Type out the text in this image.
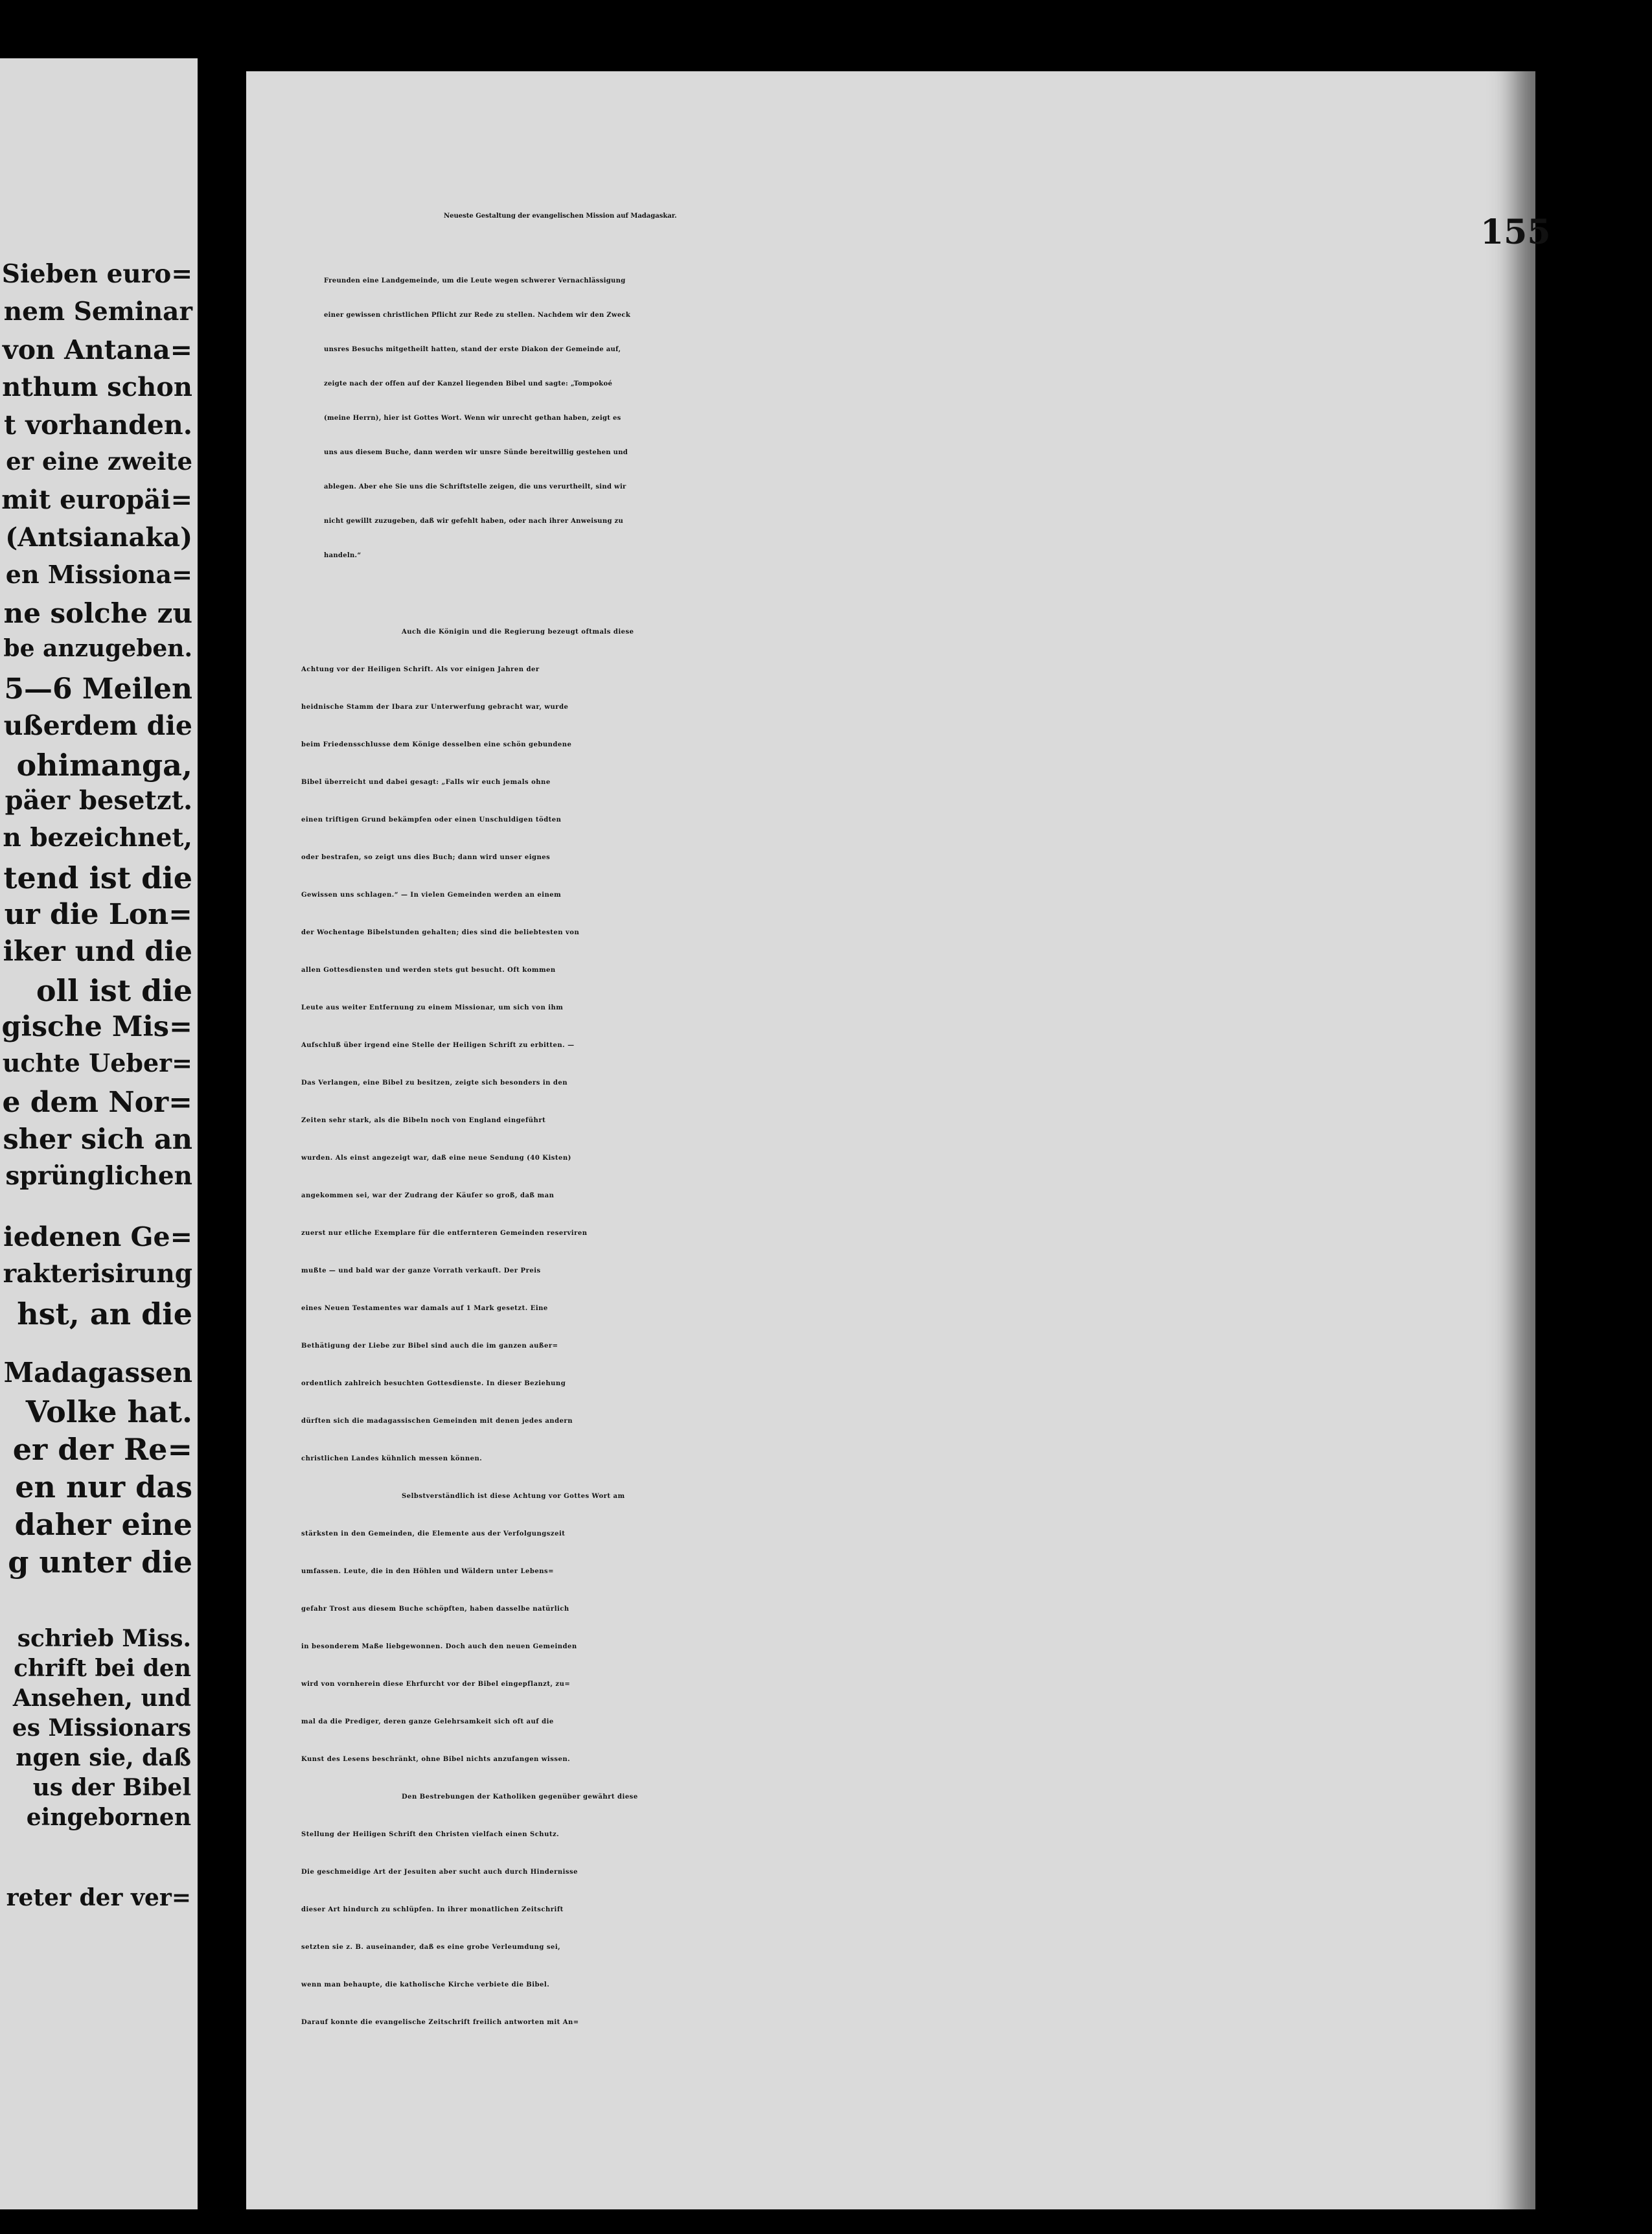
Sieben euro=
nem Seminar
von Antana=
nthum schon
t vorhanden.
er eine zweite
mit europäi=
(Antsianaka)
en Missiona=
ne solche zu
be anzugeben.
5—6 Meilen
ußerdem die
ohimanga,
päer besetzt.
n bezeichnet,
tend ist die
ur die Lon=
iker und die
oll ist die
gische Mis=
uchte Ueber=
e dem Nor=
sher sich an
sprünglichen
iedenen Ge=
rakterisirung
hst, an die
Madagassen
Volke hat.
er der Re=
en nur das
daher eine
g unter die
schrieb Miss.
chrift bei den
Ansehen, und
es Missionars
ngen sie, daß
us der Bibel
eingebornen
reter der ver=
Neueste Gestaltung der evangelischen Mission auf Madagaskar.	155
Freunden eine Landgemeinde, um die Leute wegen schwerer Vernachlässigung
einer gewissen christlichen Pflicht zur Rede zu stellen. Nachdem wir den Zweck
unsres Besuchs mitgetheilt hatten, stand der erste Diakon der Gemeinde auf,
zeigte nach der offen auf der Kanzel liegenden Bibel und sagte: „Tompokoé
(meine Herrn), hier ist Gottes Wort. Wenn wir unrecht gethan haben, zeigt es
uns aus diesem Buche, dann werden wir unsre Sünde bereitwillig gestehen und
ablegen. Aber ehe Sie uns die Schriftstelle zeigen, die uns verurtheilt, sind wir
nicht gewillt zuzugeben, daß wir gefehlt haben, oder nach ihrer Anweisung zu
handeln.“
Auch die Königin und die Regierung bezeugt oftmals diese
Achtung vor der Heiligen Schrift. Als vor einigen Jahren der
heidnische Stamm der Ibara zur Unterwerfung gebracht war, wurde
beim Friedensschlusse dem Könige desselben eine schön gebundene
Bibel überreicht und dabei gesagt: „Falls wir euch jemals ohne
einen triftigen Grund bekämpfen oder einen Unschuldigen tödten
oder bestrafen, so zeigt uns dies Buch; dann wird unser eignes
Gewissen uns schlagen.“ — In vielen Gemeinden werden an einem
der Wochentage Bibelstunden gehalten; dies sind die beliebtesten von
allen Gottesdiensten und werden stets gut besucht. Oft kommen
Leute aus weiter Entfernung zu einem Missionar, um sich von ihm
Aufschluß über irgend eine Stelle der Heiligen Schrift zu erbitten. —
Das Verlangen, eine Bibel zu besitzen, zeigte sich besonders in den
Zeiten sehr stark, als die Bibeln noch von England eingeführt
wurden. Als einst angezeigt war, daß eine neue Sendung (40 Kisten)
angekommen sei, war der Zudrang der Käufer so groß, daß man
zuerst nur etliche Exemplare für die entfernteren Gemeinden reserviren
mußte — und bald war der ganze Vorrath verkauft. Der Preis
eines Neuen Testamentes war damals auf 1 Mark gesetzt. Eine
Bethätigung der Liebe zur Bibel sind auch die im ganzen außer=
ordentlich zahlreich besuchten Gottesdienste. In dieser Beziehung
dürften sich die madagassischen Gemeinden mit denen jedes andern
christlichen Landes kühnlich messen können.
Selbstverständlich ist diese Achtung vor Gottes Wort am
stärksten in den Gemeinden, die Elemente aus der Verfolgungszeit
umfassen. Leute, die in den Höhlen und Wäldern unter Lebens=
gefahr Trost aus diesem Buche schöpften, haben dasselbe natürlich
in besonderem Maße liebgewonnen. Doch auch den neuen Gemeinden
wird von vornherein diese Ehrfurcht vor der Bibel eingepflanzt, zu=
mal da die Prediger, deren ganze Gelehrsamkeit sich oft auf die
Kunst des Lesens beschränkt, ohne Bibel nichts anzufangen wissen.
Den Bestrebungen der Katholiken gegenüber gewährt diese
Stellung der Heiligen Schrift den Christen vielfach einen Schutz.
Die geschmeidige Art der Jesuiten aber sucht auch durch Hindernisse
dieser Art hindurch zu schlüpfen. In ihrer monatlichen Zeitschrift
setzten sie z. B. auseinander, daß es eine grobe Verleumdung sei,
wenn man behaupte, die katholische Kirche verbiete die Bibel.
Darauf konnte die evangelische Zeitschrift freilich antworten mit An=
